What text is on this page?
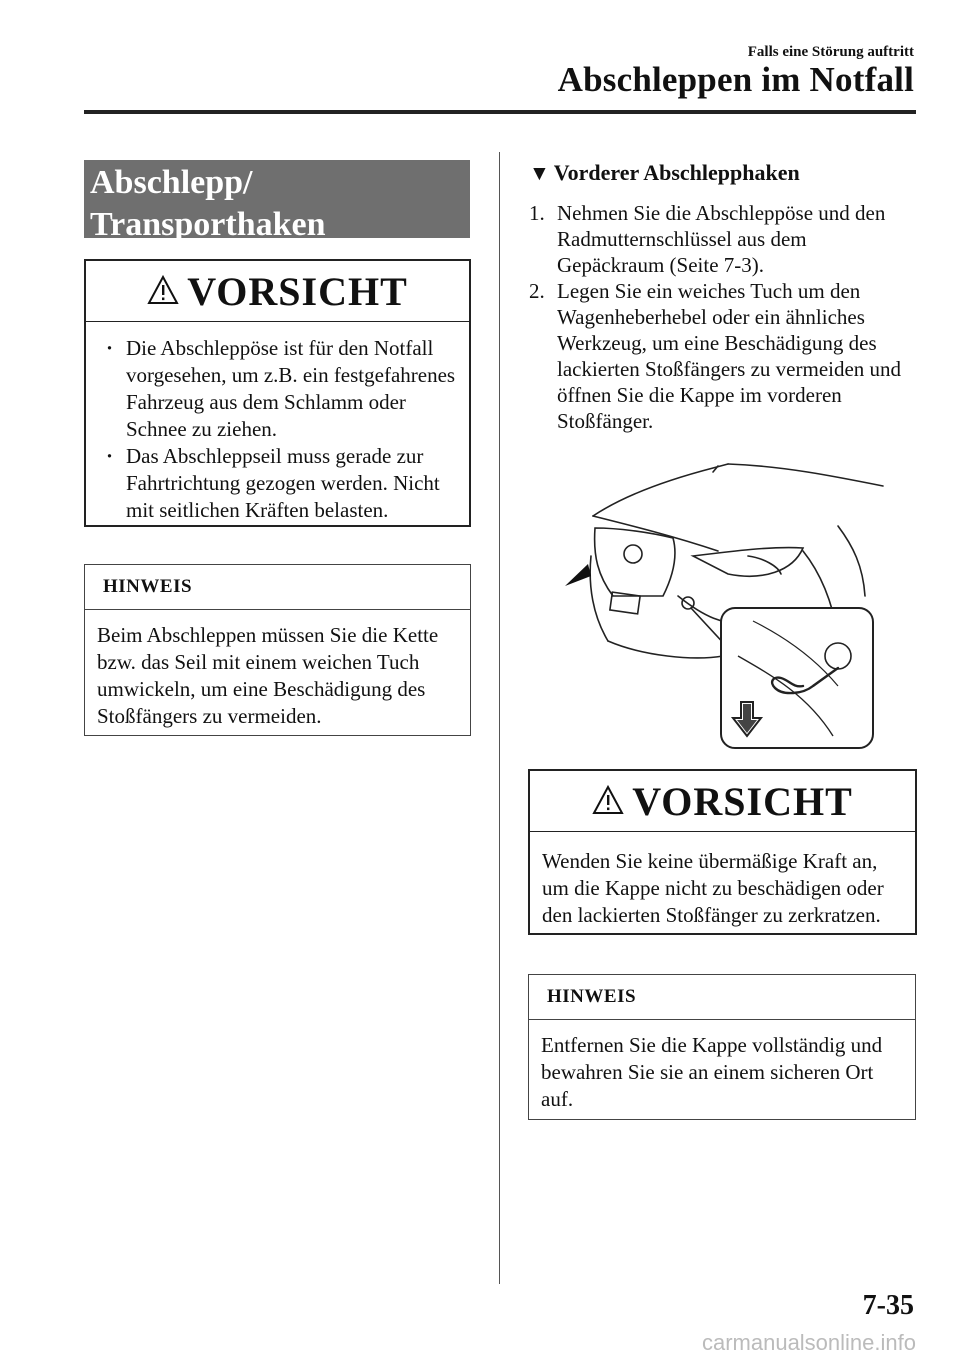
Falls eine Störung auftritt
Abschleppen im Notfall
Abschlepp/
Transporthaken
VORSICHT
· Die Abschleppöse ist für den Notfall vorgesehen, um z.B. ein festgefahrenes Fahrzeug aus dem Schlamm oder Schnee zu ziehen.
· Das Abschleppseil muss gerade zur Fahrtrichtung gezogen werden. Nicht mit seitlichen Kräften belasten.
HINWEIS
Beim Abschleppen müssen Sie die Kette bzw. das Seil mit einem weichen Tuch umwickeln, um eine Beschädigung des Stoßfängers zu vermeiden.
▼ Vorderer Abschlepphaken
1. Nehmen Sie die Abschleppöse und den Radmutternschlüssel aus dem Gepäckraum (Seite 7-3).
2. Legen Sie ein weiches Tuch um den Wagenheberhebel oder ein ähnliches Werkzeug, um eine Beschädigung des lackierten Stoßfängers zu vermeiden und öffnen Sie die Kappe im vorderen Stoßfänger.
VORSICHT
Wenden Sie keine übermäßige Kraft an, um die Kappe nicht zu beschädigen oder den lackierten Stoßfänger zu zerkratzen.
HINWEIS
Entfernen Sie die Kappe vollständig und bewahren Sie sie an einem sicheren Ort auf.
7-35
carmanualsonline.info
